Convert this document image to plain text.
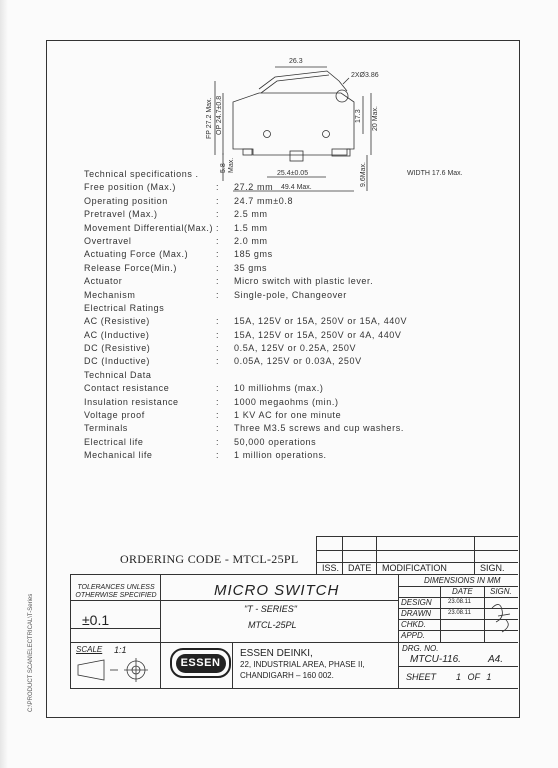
26.3
2XØ3.86
FP 27.2 Max. OP 24.7±0.8	17.3 20 Max.
5.8 Max.
25.4±0.05	9.6Max.
49.4 Max.
WIDTH 17.6 Max.
Technical specifications .
Free position (Max.)	:	27.2 mm
Operating position	:	24.7 mm±0.8
Pretravel (Max.)	:	2.5 mm
Movement Differential(Max.) :	1.5 mm
Overtravel	:	2.0 mm
Actuating Force (Max.)	:	185 gms
Release Force(Min.)	:	35 gms
Actuator	:	Micro switch with plastic lever.
Mechanism	:	Single-pole, Changeover
Electrical Ratings
AC (Resistive)	:	15A, 125V or 15A, 250V or 15A, 440V
AC (Inductive)	:	15A, 125V or 15A, 250V or 4A, 440V
DC (Resistive)	:	0.5A, 125V or 0.25A, 250V
DC (Inductive)	:	0.05A, 125V or 0.03A, 250V
Technical Data
Contact resistance	:	10 milliohms (max.)
Insulation resistance	:	1000 megaohms (min.)
Voltage proof	:	1 KV AC for one minute
Terminals	:	Three M3.5 screws and cup washers.
Electrical life	:	50,000 operations
Mechanical life	:	1 million operations.
ORDERING CODE - MTCL-25PL
ISS. DATE MODIFICATION	SIGN.
TOLERANCES UNLESS OTHERWISE SPECIFIED
±0.1
SCALE 1:1
MICRO SWITCH
"T - SERIES"
MTCL-25PL
ESSEN
ESSEN DEINKI,
22, INDUSTRIAL AREA, PHASE II,
CHANDIGARH – 160 002.
DIMENSIONS IN MM
DATE SIGN.
DESIGN	23.08.11
DRAWN	23.08.11
CHKD.
APPD.
DRG. NO.
MTCU-116.	A4.
SHEET 1 OF 1
C:\PRODUCT SCAN\ELECTRICAL\T-Series
